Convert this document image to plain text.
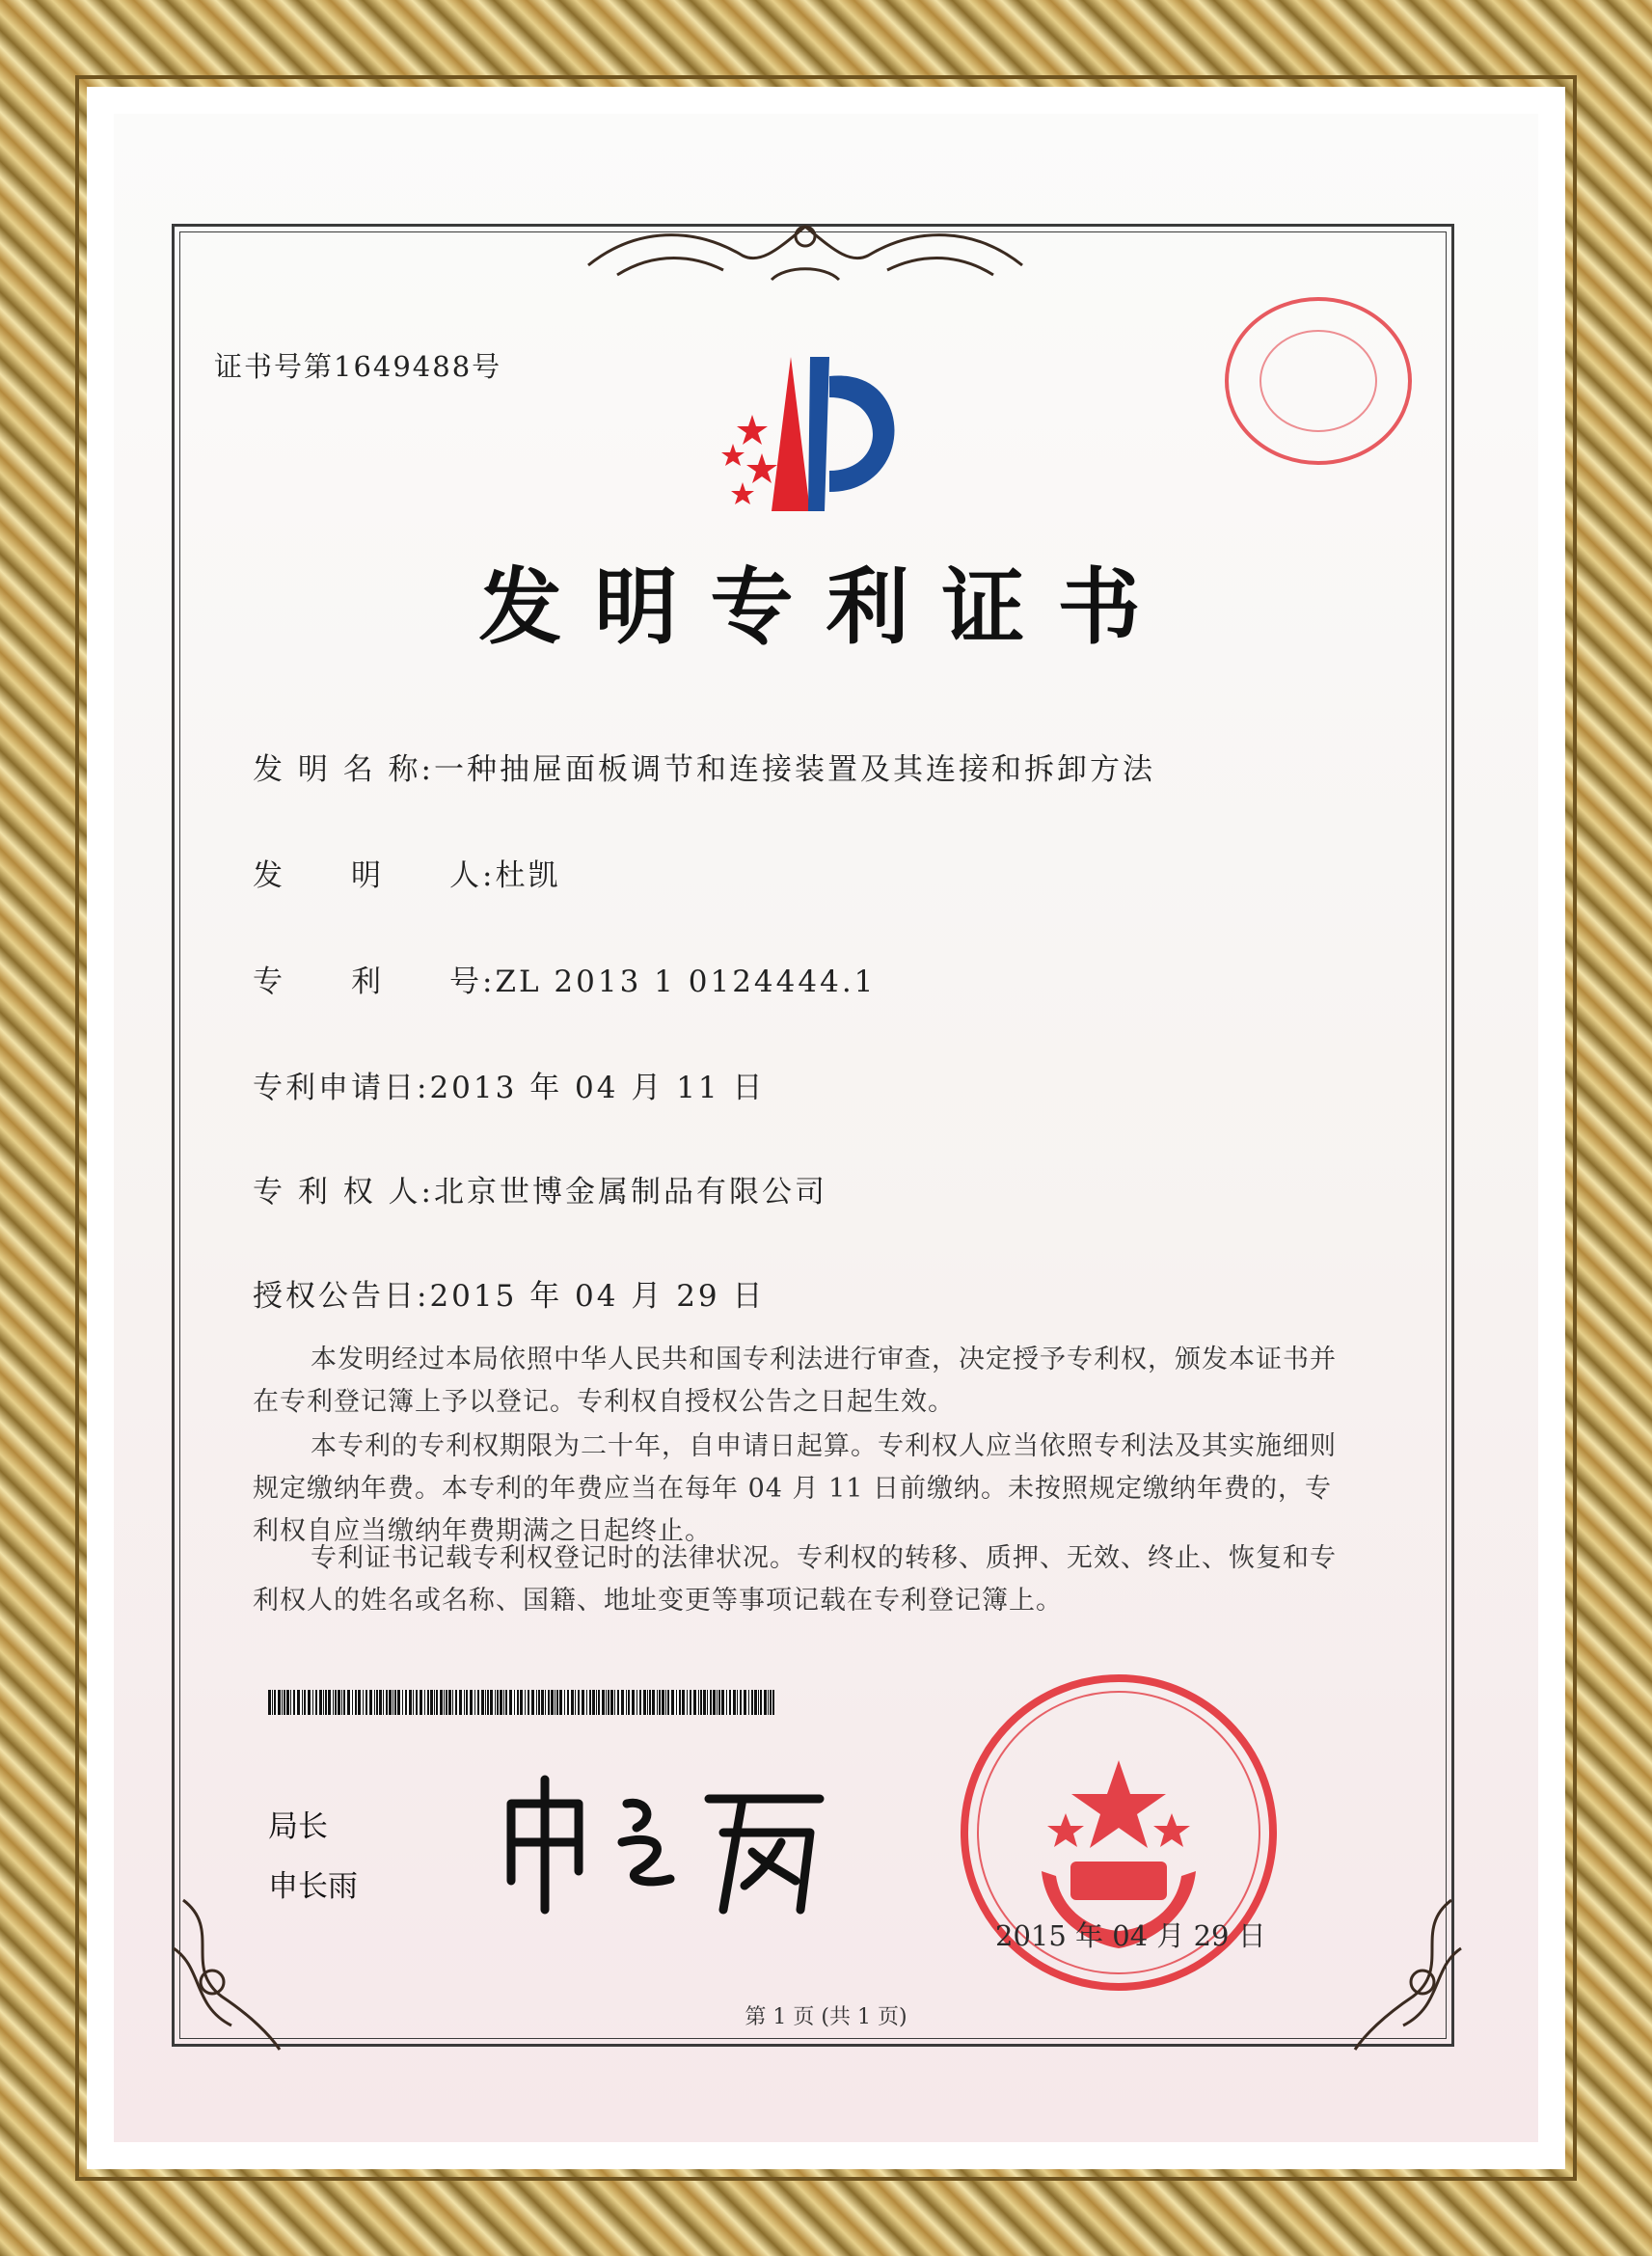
证书号第1649488号
发明专利证书
发 明 名 称:一种抽屉面板调节和连接装置及其连接和拆卸方法
发　　明　　人:杜凯
专　　利　　号:ZL 2013 1 0124444.1
专利申请日:2013 年 04 月 11 日
专 利 权 人:北京世博金属制品有限公司
授权公告日:2015 年 04 月 29 日
本发明经过本局依照中华人民共和国专利法进行审查，决定授予专利权，颁发本证书并在专利登记簿上予以登记。专利权自授权公告之日起生效。
本专利的专利权期限为二十年，自申请日起算。专利权人应当依照专利法及其实施细则规定缴纳年费。本专利的年费应当在每年 04 月 11 日前缴纳。未按照规定缴纳年费的，专利权自应当缴纳年费期满之日起终止。
专利证书记载专利权登记时的法律状况。专利权的转移、质押、无效、终止、恢复和专利权人的姓名或名称、国籍、地址变更等事项记载在专利登记簿上。
局长
申长雨
2015 年 04 月 29 日
第 1 页 (共 1 页)
